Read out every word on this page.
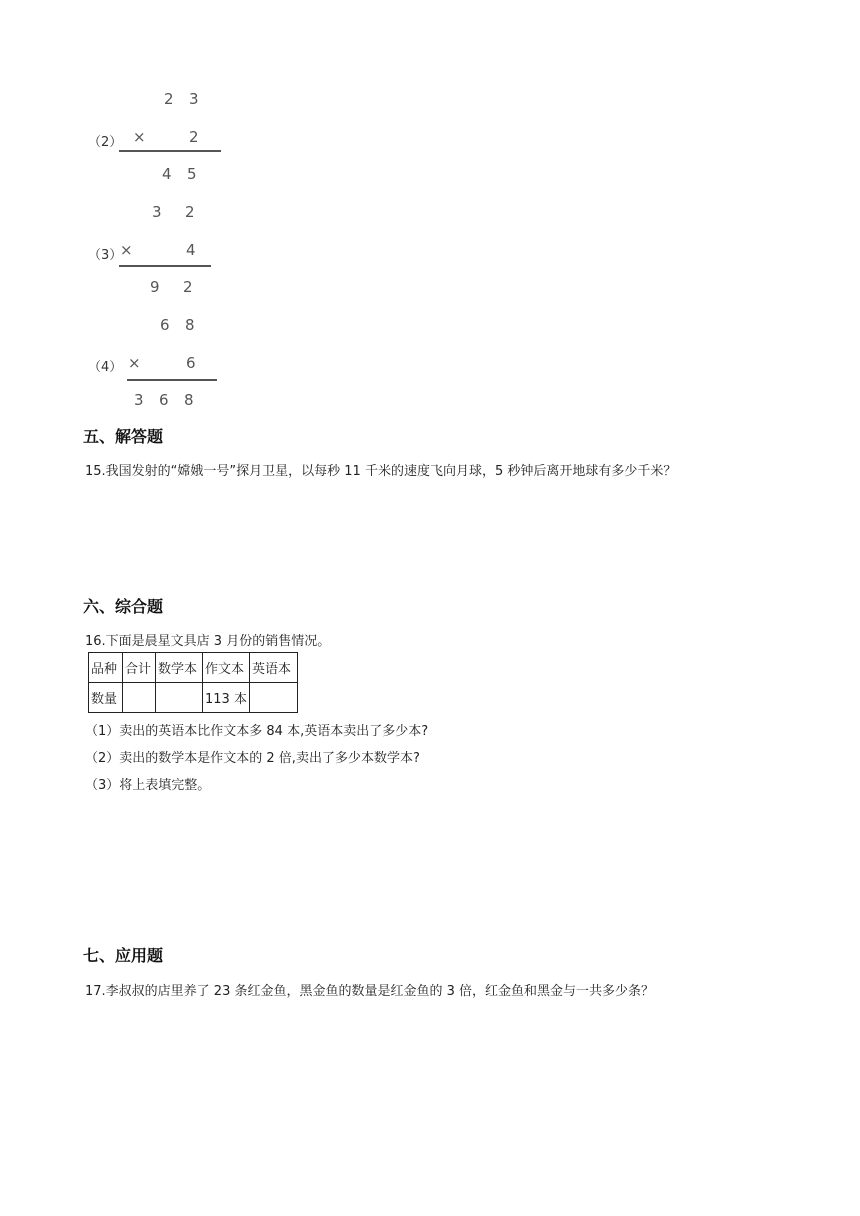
2 3
（2） ×	2
4 5
3 2
（3）
×	4
9 2
6 8
（4） ×	6
3 6 8
五、解答题
15.我国发射的“嫦娥一号”探月卫星，以每秒 11 千米的速度飞向月球，5 秒钟后离开地球有多少千米？
六、综合题
16.下面是晨星文具店 3 月份的销售情况。
品种	合计	数学本	作文本	英语本
数量			113 本	
（1）卖出的英语本比作文本多 84 本,英语本卖出了多少本?
（2）卖出的数学本是作文本的 2 倍,卖出了多少本数学本?
（3）将上表填完整。
七、应用题
17.李叔叔的店里养了 23 条红金鱼，黑金鱼的数量是红金鱼的 3 倍，红金鱼和黑金与一共多少条？
